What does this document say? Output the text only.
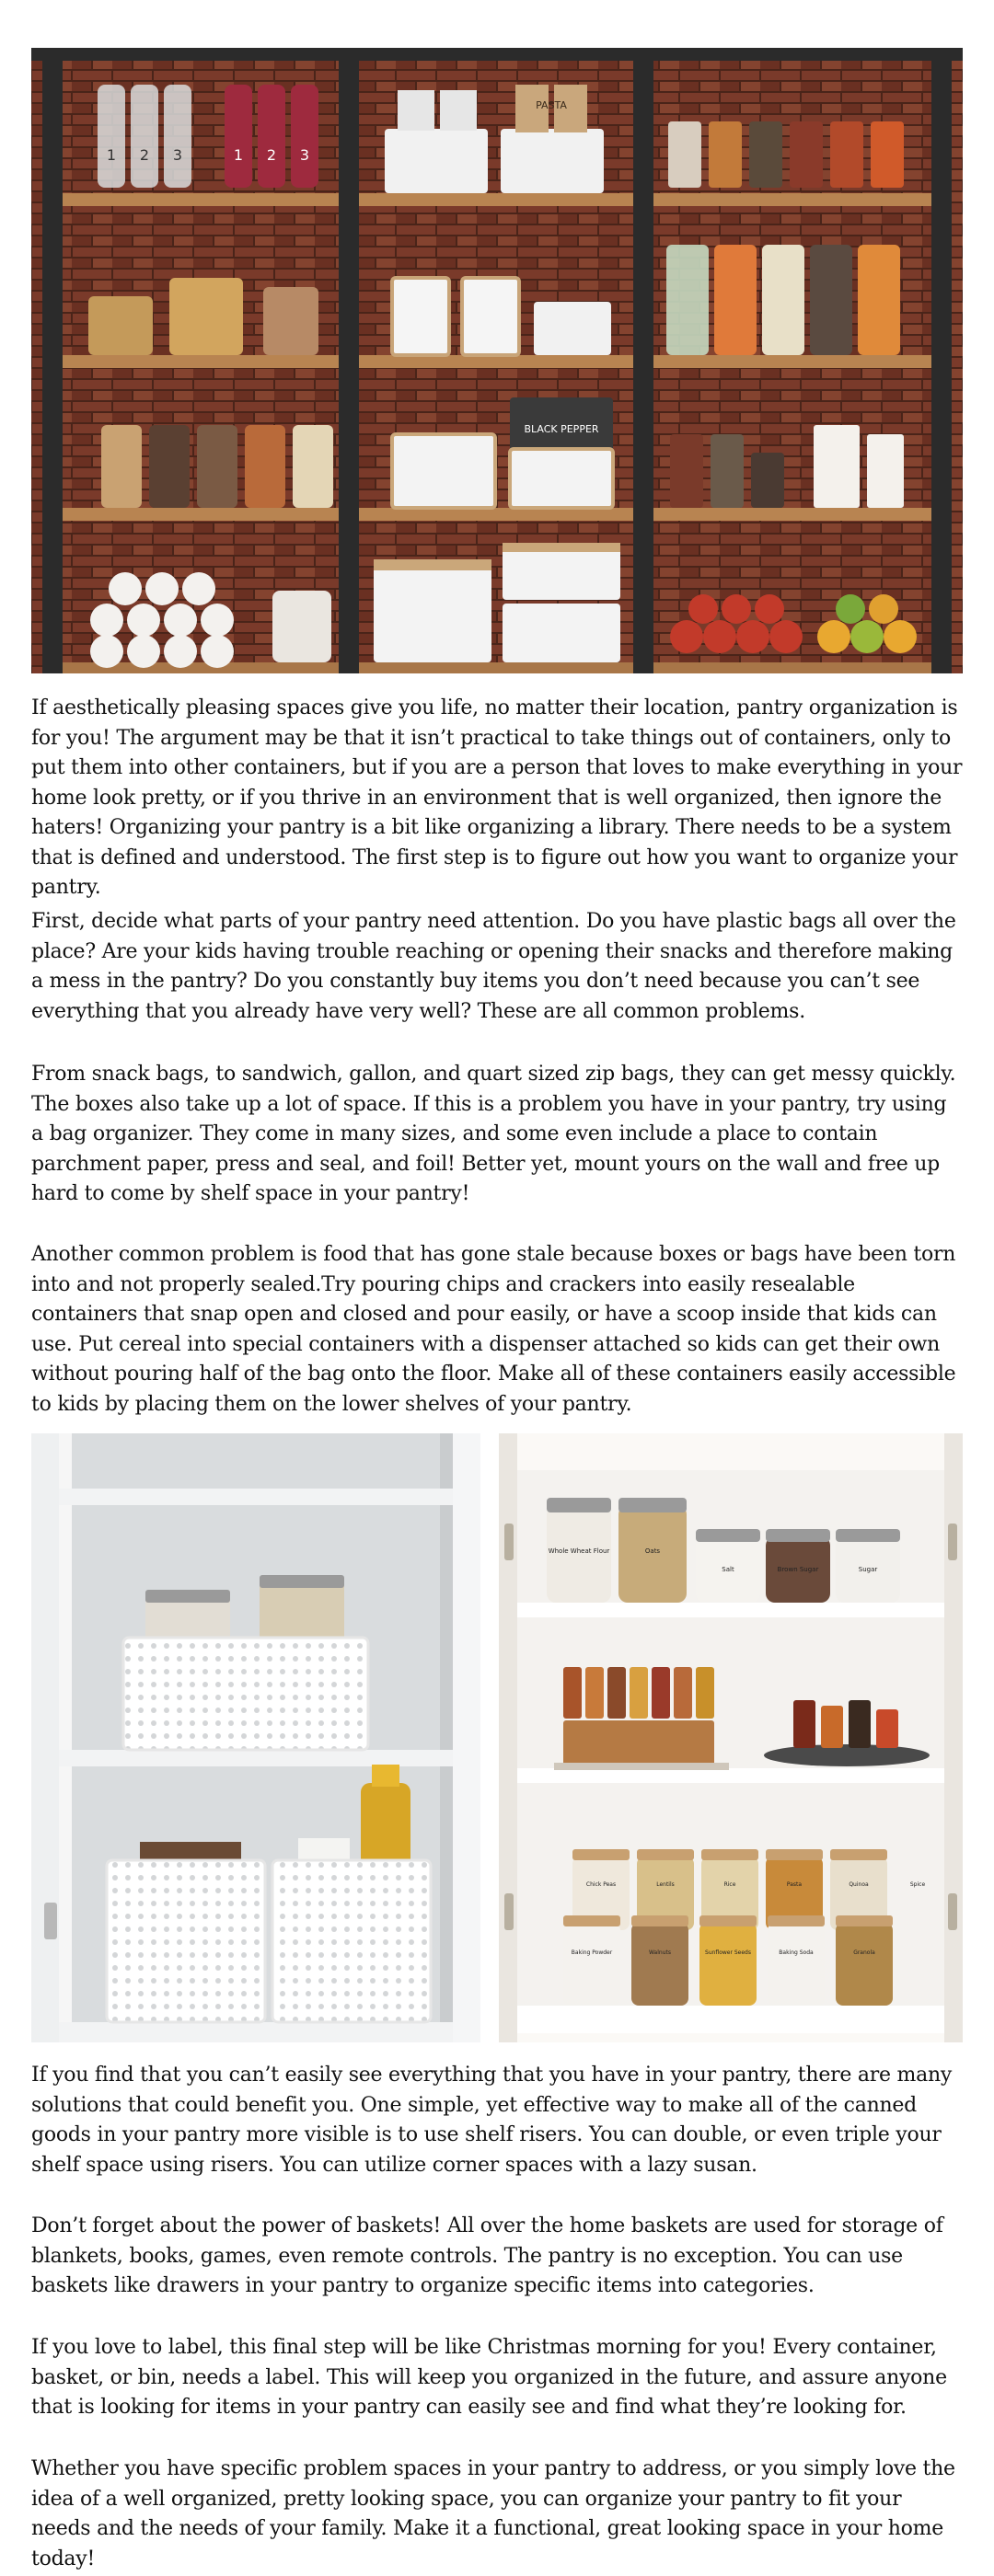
1 2 3	1 2 3
PASTA
BLACK PEPPER

If aesthetically pleasing spaces give you life, no matter their location, pantry organization is for you! The argument may be that it isn’t practical to take things out of containers, only to put them into other containers, but if you are a person that loves to make everything in your home look pretty, or if you thrive in an environment that is well organized, then ignore the haters! Organizing your pantry is a bit like organizing a library. There needs to be a system that is defined and understood. The first step is to figure out how you want to organize your pantry.

First, decide what parts of your pantry need attention. Do you have plastic bags all over the place? Are your kids having trouble reaching or opening their snacks and therefore making a mess in the pantry? Do you constantly buy items you don’t need because you can’t see everything that you already have very well? These are all common problems.

From snack bags, to sandwich, gallon, and quart sized zip bags, they can get messy quickly. The boxes also take up a lot of space. If this is a problem you have in your pantry, try using a bag organizer. They come in many sizes, and some even include a place to contain parchment paper, press and seal, and foil! Better yet, mount yours on the wall and free up hard to come by shelf space in your pantry!

Another common problem is food that has gone stale because boxes or bags have been torn into and not properly sealed.Try pouring chips and crackers into easily resealable containers that snap open and closed and pour easily, or have a scoop inside that kids can use. Put cereal into special containers with a dispenser attached so kids can get their own without pouring half of the bag onto the floor. Make all of these containers easily accessible to kids by placing them on the lower shelves of your pantry.

Whole Wheat Flour	Oats
Salt	Brown Sugar	Sugar
Chick Peas	Lentils	Rice	Pasta	Quinoa	Spice
Baking Powder	Walnuts	Sunflower Seeds	Baking Soda	Granola

If you find that you can’t easily see everything that you have in your pantry, there are many solutions that could benefit you. One simple, yet effective way to make all of the canned goods in your pantry more visible is to use shelf risers. You can double, or even triple your shelf space using risers. You can utilize corner spaces with a lazy susan.

Don’t forget about the power of baskets! All over the home baskets are used for storage of blankets, books, games, even remote controls. The pantry is no exception. You can use baskets like drawers in your pantry to organize specific items into categories.

If you love to label, this final step will be like Christmas morning for you! Every container, basket, or bin, needs a label. This will keep you organized in the future, and assure anyone that is looking for items in your pantry can easily see and find what they’re looking for.

Whether you have specific problem spaces in your pantry to address, or you simply love the idea of a well organized, pretty looking space, you can organize your pantry to fit your needs and the needs of your family. Make it a functional, great looking space in your home today!
